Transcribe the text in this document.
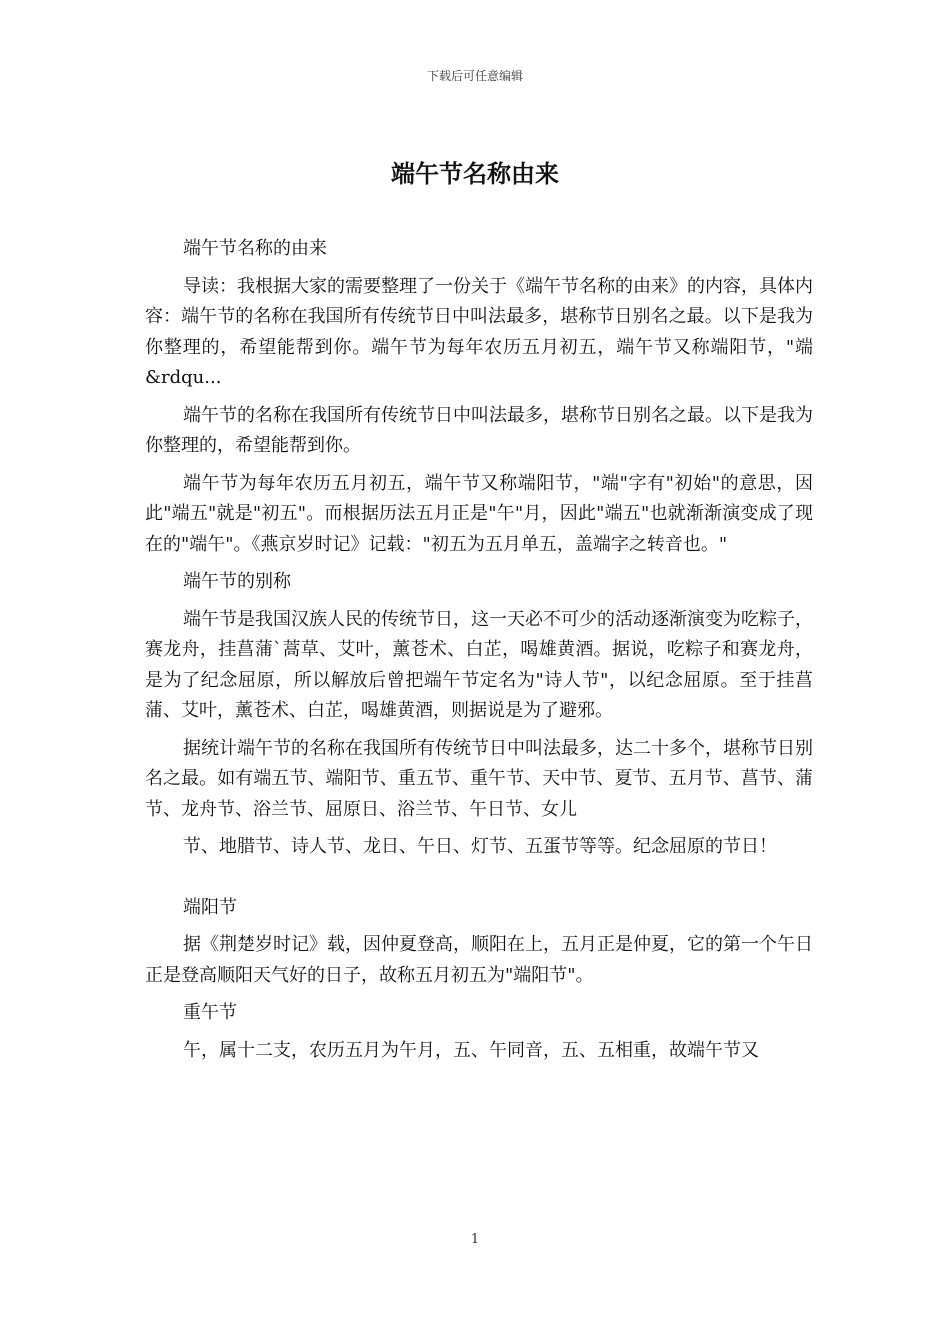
下载后可任意编辑
端午节名称由来

端午节名称的由来

导读：我根据大家的需要整理了一份关于《端午节名称的由来》的内容，具体内容：端午节的名称在我国所有传统节日中叫法最多，堪称节日别名之最。以下是我为你整理的，希望能帮到你。端午节为每年农历五月初五，端午节又称端阳节，"端&rdqu...

端午节的名称在我国所有传统节日中叫法最多，堪称节日别名之最。以下是我为你整理的，希望能帮到你。

端午节为每年农历五月初五，端午节又称端阳节，"端"字有"初始"的意思，因此"端五"就是"初五"。而根据历法五月正是"午"月，因此"端五"也就渐渐演变成了现在的"端午"。《燕京岁时记》记载："初五为五月单五，盖端字之转音也。"

端午节的别称

端午节是我国汉族人民的传统节日，这一天必不可少的活动逐渐演变为吃粽子，赛龙舟，挂菖蒲`蒿草、艾叶，薰苍术、白芷，喝雄黄酒。据说，吃粽子和赛龙舟，是为了纪念屈原，所以解放后曾把端午节定名为"诗人节"，以纪念屈原。至于挂菖蒲、艾叶，薰苍术、白芷，喝雄黄酒，则据说是为了避邪。

据统计端午节的名称在我国所有传统节日中叫法最多，达二十多个，堪称节日别名之最。如有端五节、端阳节、重五节、重午节、天中节、夏节、五月节、菖节、蒲节、龙舟节、浴兰节、屈原日、浴兰节、午日节、女儿

节、地腊节、诗人节、龙日、午日、灯节、五蛋节等等。纪念屈原的节日！

端阳节

据《荆楚岁时记》载，因仲夏登高，顺阳在上，五月正是仲夏，它的第一个午日正是登高顺阳天气好的日子，故称五月初五为"端阳节"。

重午节

午，属十二支，农历五月为午月，五、午同音，五、五相重，故端午节又

1
